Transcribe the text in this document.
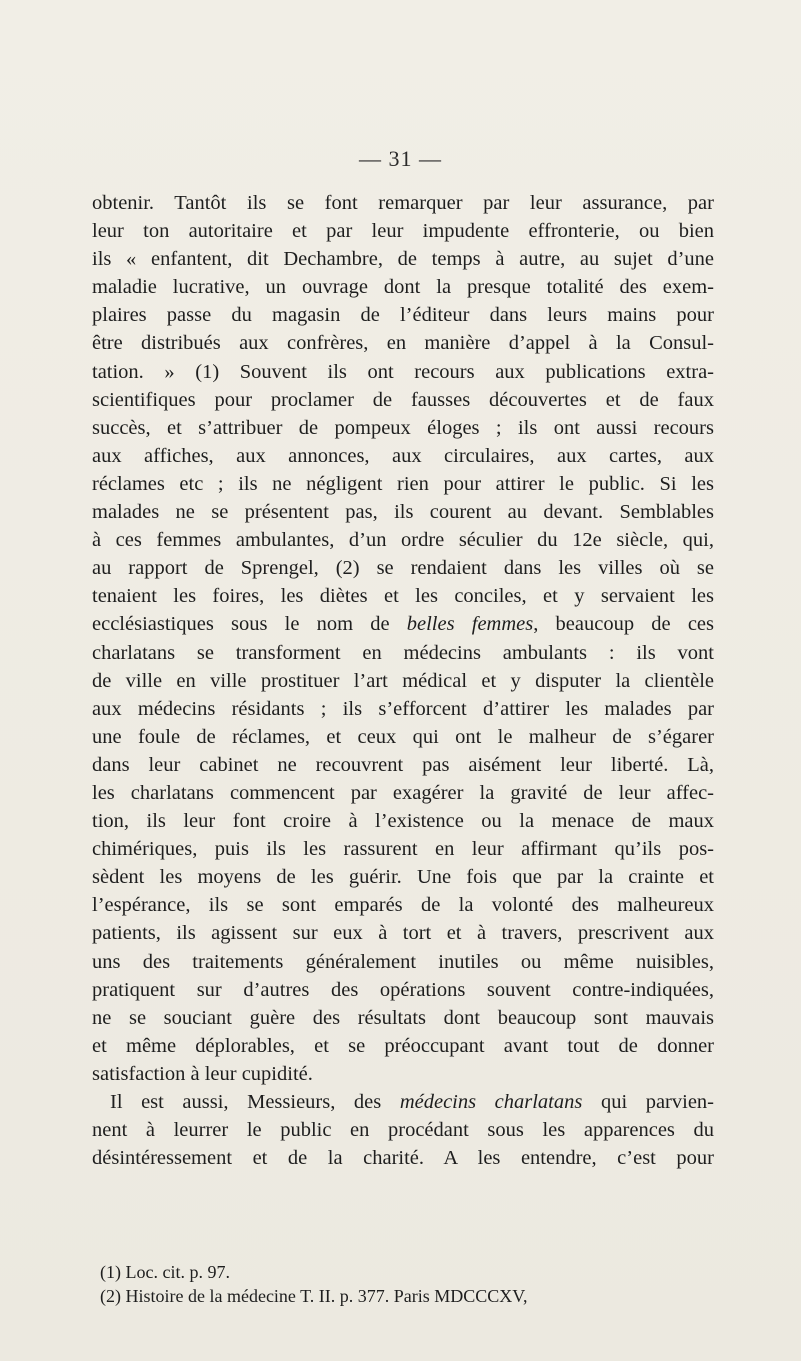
— 31 —
obtenir. Tantôt ils se font remarquer par leur assurance, par
leur ton autoritaire et par leur impudente effronterie, ou bien
ils « enfantent, dit Dechambre, de temps à autre, au sujet d’une
maladie lucrative, un ouvrage dont la presque totalité des exem-
plaires passe du magasin de l’éditeur dans leurs mains pour
être distribués aux confrères, en manière d’appel à la Consul-
tation. » (1) Souvent ils ont recours aux publications extra-
scientifiques pour proclamer de fausses découvertes et de faux
succès, et s’attribuer de pompeux éloges ; ils ont aussi recours
aux affiches, aux annonces, aux circulaires, aux cartes, aux
réclames etc ; ils ne négligent rien pour attirer le public. Si les
malades ne se présentent pas, ils courent au devant. Semblables
à ces femmes ambulantes, d’un ordre séculier du 12e siècle, qui,
au rapport de Sprengel, (2) se rendaient dans les villes où se
tenaient les foires, les diètes et les conciles, et y servaient les
ecclésiastiques sous le nom de belles femmes, beaucoup de ces
charlatans se transforment en médecins ambulants : ils vont
de ville en ville prostituer l’art médical et y disputer la clientèle
aux médecins résidants ; ils s’efforcent d’attirer les malades par
une foule de réclames, et ceux qui ont le malheur de s’égarer
dans leur cabinet ne recouvrent pas aisément leur liberté. Là,
les charlatans commencent par exagérer la gravité de leur affec-
tion, ils leur font croire à l’existence ou la menace de maux
chimériques, puis ils les rassurent en leur affirmant qu’ils pos-
sèdent les moyens de les guérir. Une fois que par la crainte et
l’espérance, ils se sont emparés de la volonté des malheureux
patients, ils agissent sur eux à tort et à travers, prescrivent aux
uns des traitements généralement inutiles ou même nuisibles,
pratiquent sur d’autres des opérations souvent contre-indiquées,
ne se souciant guère des résultats dont beaucoup sont mauvais
et même déplorables, et se préoccupant avant tout de donner
satisfaction à leur cupidité.
Il est aussi, Messieurs, des médecins charlatans qui parvien-
nent à leurrer le public en procédant sous les apparences du
désintéressement et de la charité. A les entendre, c’est pour
(1) Loc. cit. p. 97.
(2) Histoire de la médecine T. II. p. 377. Paris MDCCCXV,
